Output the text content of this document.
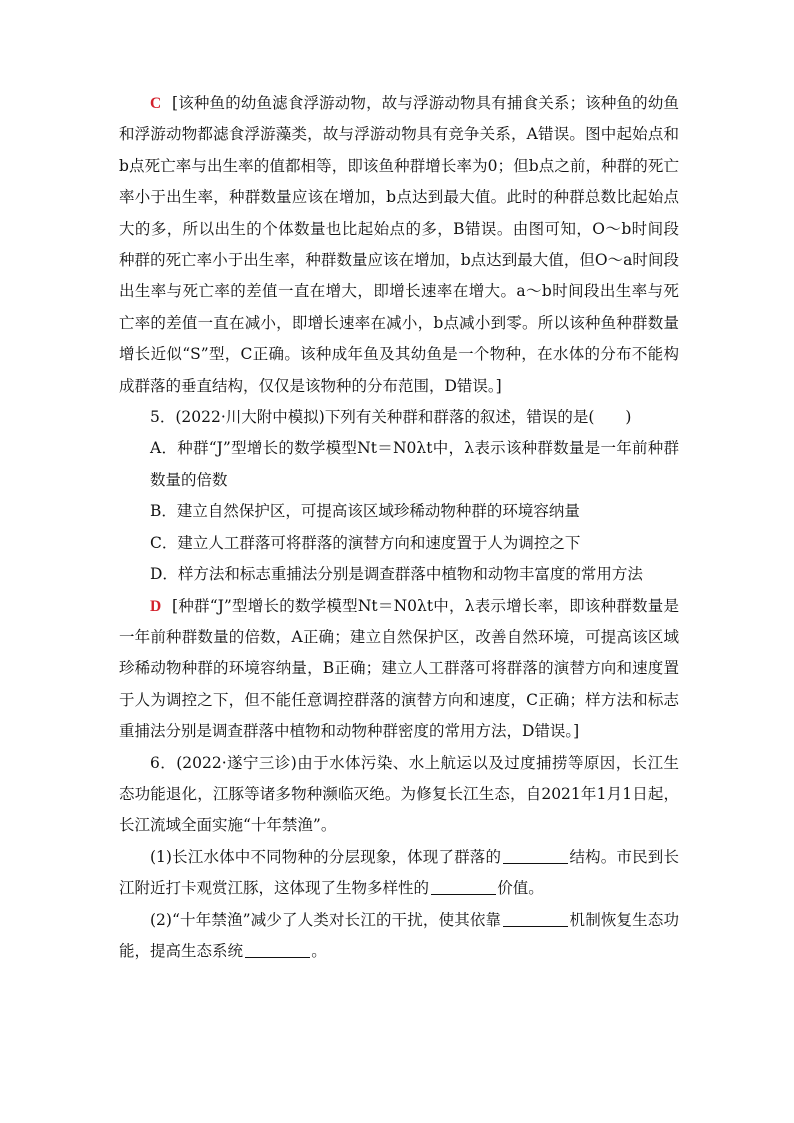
C [该种鱼的幼鱼滤食浮游动物，故与浮游动物具有捕食关系；该种鱼的幼鱼和浮游动物都滤食浮游藻类，故与浮游动物具有竞争关系，A错误。图中起始点和b点死亡率与出生率的值都相等，即该鱼种群增长率为0；但b点之前，种群的死亡率小于出生率，种群数量应该在增加，b点达到最大值。此时的种群总数比起始点大的多，所以出生的个体数量也比起始点的多，B错误。由图可知，O～b时间段种群的死亡率小于出生率，种群数量应该在增加，b点达到最大值，但O～a时间段出生率与死亡率的差值一直在增大，即增长速率在增大。a～b时间段出生率与死亡率的差值一直在减小，即增长速率在减小，b点减小到零。所以该种鱼种群数量增长近似“S”型，C正确。该种成年鱼及其幼鱼是一个物种，在水体的分布不能构成群落的垂直结构，仅仅是该物种的分布范围，D错误。]

5．(2022·川大附中模拟)下列有关种群和群落的叙述，错误的是(　　)

A．种群“J”型增长的数学模型Nt＝N0λt中，λ表示该种群数量是一年前种群数量的倍数

B．建立自然保护区，可提高该区域珍稀动物种群的环境容纳量

C．建立人工群落可将群落的演替方向和速度置于人为调控之下

D．样方法和标志重捕法分别是调查群落中植物和动物丰富度的常用方法

D [种群“J”型增长的数学模型Nt＝N0λt中，λ表示增长率，即该种群数量是一年前种群数量的倍数，A正确；建立自然保护区，改善自然环境，可提高该区域珍稀动物种群的环境容纳量，B正确；建立人工群落可将群落的演替方向和速度置于人为调控之下，但不能任意调控群落的演替方向和速度，C正确；样方法和标志重捕法分别是调查群落中植物和动物种群密度的常用方法，D错误。]

6．(2022·遂宁三诊)由于水体污染、水上航运以及过度捕捞等原因，长江生态功能退化，江豚等诸多物种濒临灭绝。为修复长江生态，自2021年1月1日起，长江流域全面实施“十年禁渔”。

(1)长江水体中不同物种的分层现象，体现了群落的	结构。市民到长江附近打卡观赏江豚，这体现了生物多样性的	价值。

(2)“十年禁渔”减少了人类对长江的干扰，使其依靠	机制恢复生态功能，提高生态系统	。
